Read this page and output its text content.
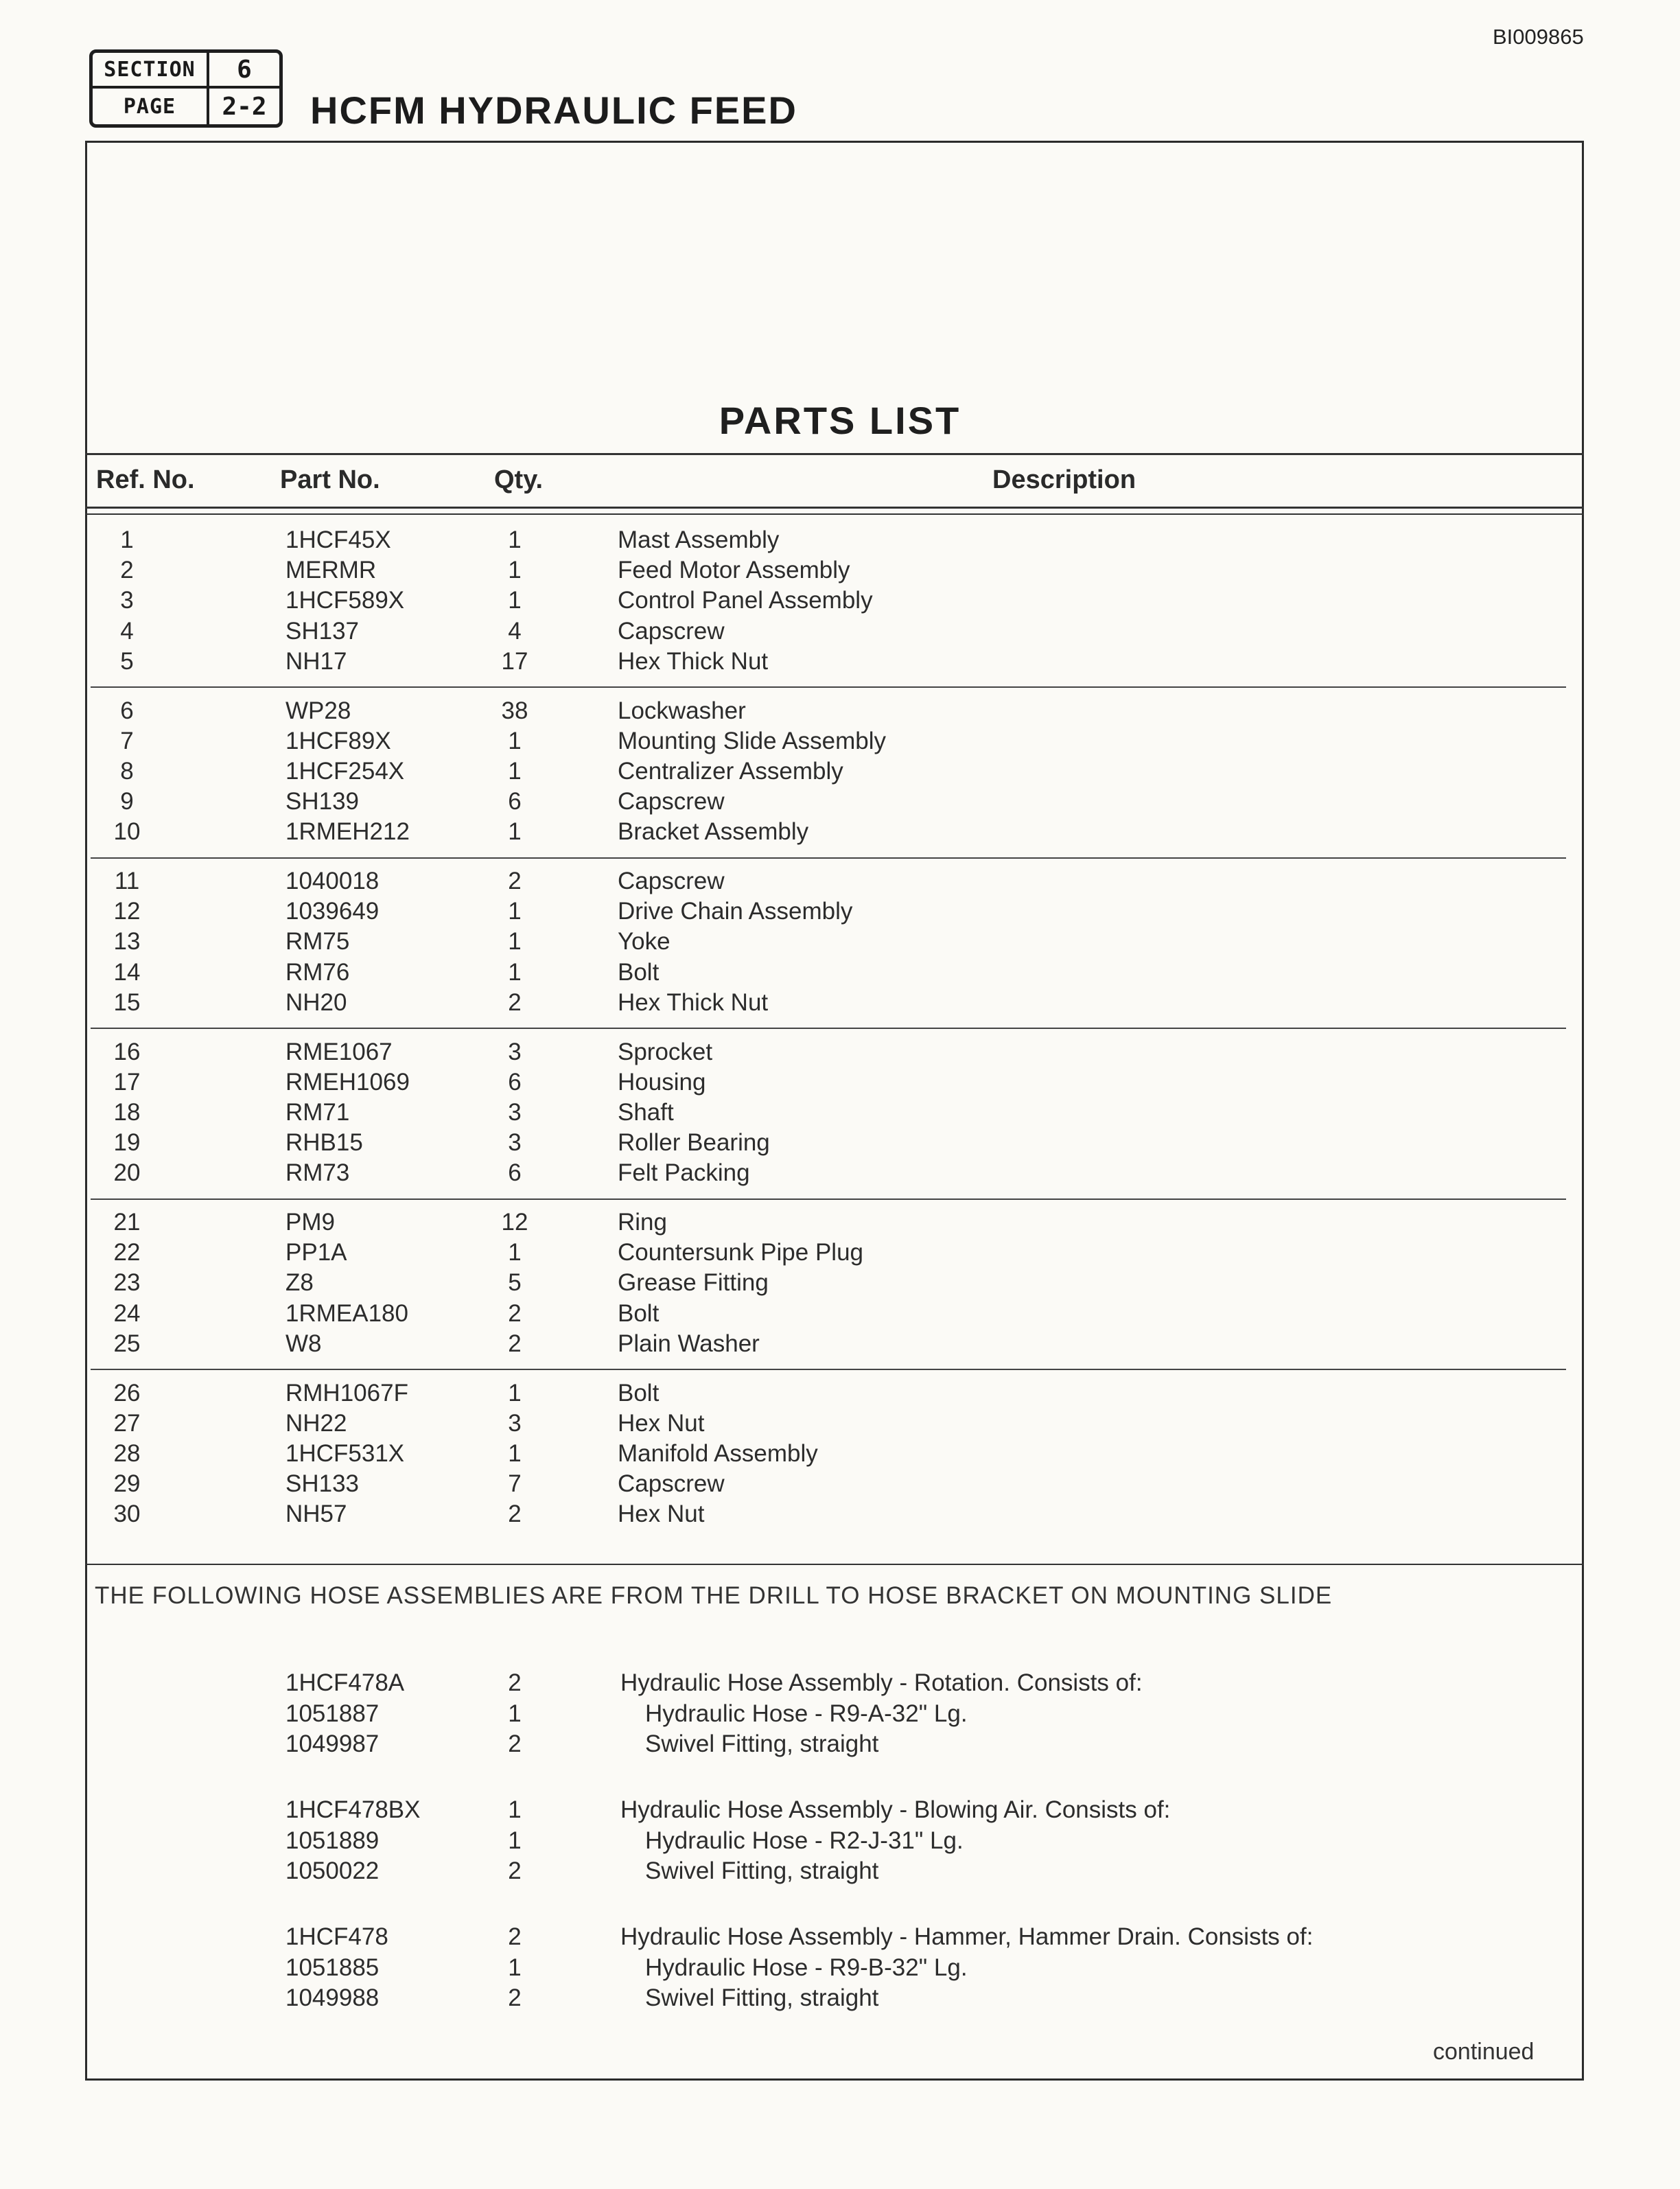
BI009865
SECTION	6
PAGE	2-2	HCFM HYDRAULIC FEED
PARTS LIST
Ref. No.	Part No.	Qty.	Description
1	1HCF45X	1	Mast Assembly
2	MERMR	1	Feed Motor Assembly
3	1HCF589X	1	Control Panel Assembly
4	SH137	4	Capscrew
5	NH17	17	Hex Thick Nut
6	WP28	38	Lockwasher
7	1HCF89X	1	Mounting Slide Assembly
8	1HCF254X	1	Centralizer Assembly
9	SH139	6	Capscrew
10	1RMEH212	1	Bracket Assembly
11	1040018	2	Capscrew
12	1039649	1	Drive Chain Assembly
13	RM75	1	Yoke
14	RM76	1	Bolt
15	NH20	2	Hex Thick Nut
16	RME1067	3	Sprocket
17	RMEH1069	6	Housing
18	RM71	3	Shaft
19	RHB15	3	Roller Bearing
20	RM73	6	Felt Packing
21	PM9	12	Ring
22	PP1A	1	Countersunk Pipe Plug
23	Z8	5	Grease Fitting
24	1RMEA180	2	Bolt
25	W8	2	Plain Washer
26	RMH1067F	1	Bolt
27	NH22	3	Hex Nut
28	1HCF531X	1	Manifold Assembly
29	SH133	7	Capscrew
30	NH57	2	Hex Nut
THE FOLLOWING HOSE ASSEMBLIES ARE FROM THE DRILL TO HOSE BRACKET ON MOUNTING SLIDE
1HCF478A	2	Hydraulic Hose Assembly - Rotation. Consists of:
1051887	1	Hydraulic Hose - R9-A-32" Lg.
1049987	2	Swivel Fitting, straight
1HCF478BX	1	Hydraulic Hose Assembly - Blowing Air. Consists of:
1051889	1	Hydraulic Hose - R2-J-31" Lg.
1050022	2	Swivel Fitting, straight
1HCF478	2	Hydraulic Hose Assembly - Hammer, Hammer Drain. Consists of:
1051885	1	Hydraulic Hose - R9-B-32" Lg.
1049988	2	Swivel Fitting, straight
continued
